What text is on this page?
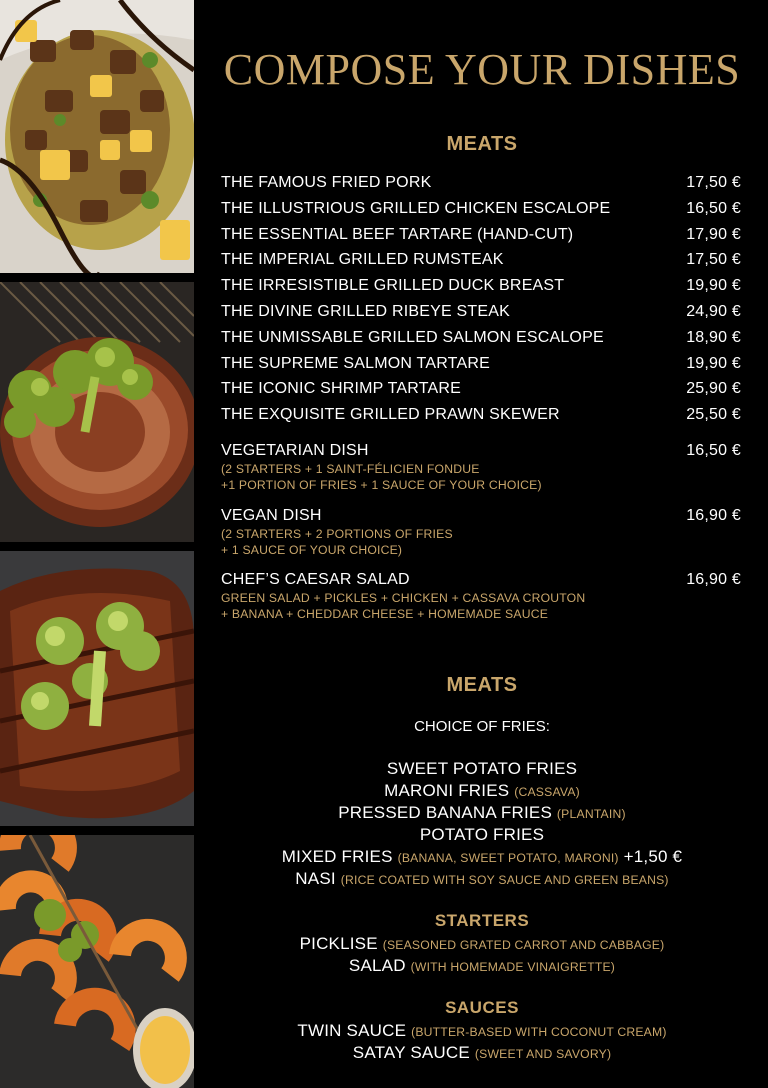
COMPOSE YOUR DISHES
MEATS
THE FAMOUS FRIED PORK	17,50 €
THE ILLUSTRIOUS GRILLED CHICKEN ESCALOPE	16,50 €
THE ESSENTIAL BEEF TARTARE (HAND-CUT)	17,90 €
THE IMPERIAL GRILLED RUMSTEAK	17,50 €
THE IRRESISTIBLE GRILLED DUCK BREAST	19,90 €
THE DIVINE GRILLED RIBEYE STEAK	24,90 €
THE UNMISSABLE GRILLED SALMON ESCALOPE	18,90 €
THE SUPREME SALMON TARTARE	19,90 €
THE ICONIC SHRIMP TARTARE	25,90 €
THE EXQUISITE GRILLED PRAWN SKEWER	25,50 €
VEGETARIAN DISH	16,50 €
(2 STARTERS + 1 SAINT-FÉLICIEN FONDUE
+1 PORTION OF FRIES + 1 SAUCE OF YOUR CHOICE)
VEGAN DISH	16,90 €
(2 STARTERS + 2 PORTIONS OF FRIES
+ 1 SAUCE OF YOUR CHOICE)
CHEF’S CAESAR SALAD	16,90 €
GREEN SALAD + PICKLES + CHICKEN + CASSAVA CROUTON
+ BANANA + CHEDDAR CHEESE + HOMEMADE SAUCE
MEATS
CHOICE OF FRIES:
SWEET POTATO FRIES
MARONI FRIES (CASSAVA)
PRESSED BANANA FRIES (PLANTAIN)
POTATO FRIES
MIXED FRIES (BANANA, SWEET POTATO, MARONI) +1,50 €
NASI (RICE COATED WITH SOY SAUCE AND GREEN BEANS)
STARTERS
PICKLISE (SEASONED GRATED CARROT AND CABBAGE)
SALAD (WITH HOMEMADE VINAIGRETTE)
SAUCES
TWIN SAUCE (BUTTER-BASED WITH COCONUT CREAM)
SATAY SAUCE (SWEET AND SAVORY)
